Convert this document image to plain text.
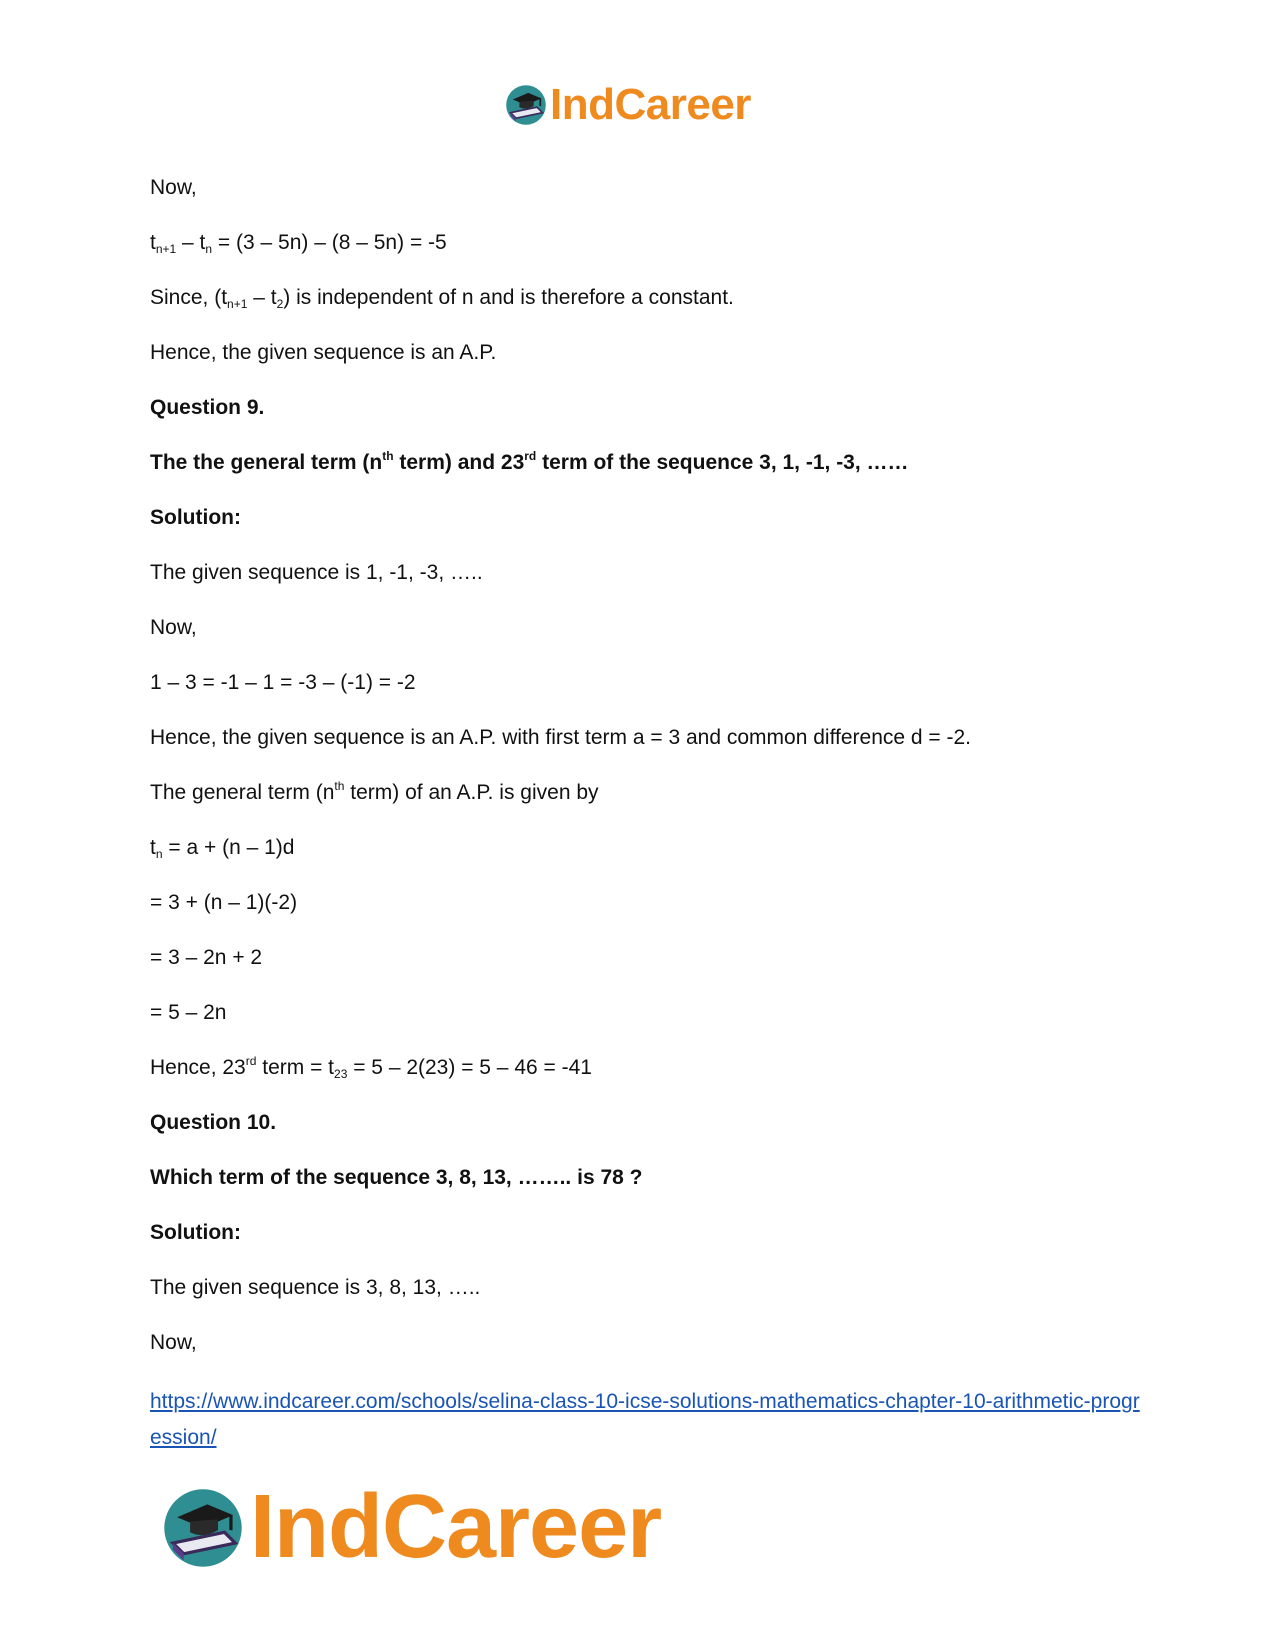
IndCareer
Now,
$t_{n+1} - t_n = (3 - 5n) - (8 - 5n) = -5$
Since, $(t_{n+1} - t_2)$ is independent of n and is therefore a constant.
Hence, the given sequence is an A.P.
Question 9.
The the general term ($n^{th}$ term) and 23rd term of the sequence 3, 1, -1, -3, ……
Solution:
The given sequence is 1, -1, -3, …..
Now,
1 – 3 = -1 – 1 = -3 – (-1) = -2
Hence, the given sequence is an A.P. with first term a = 3 and common difference d = -2.
The general term ($n^{th}$ term) of an A.P. is given by
$t_n = a + (n - 1)d$
= 3 + (n – 1)(-2)
= 3 – 2n + 2
= 5 – 2n
Hence, 23rd term = $t_{23} = 5 - 2(23) = 5 - 46 = -41$
Question 10.
Which term of the sequence 3, 8, 13, …….. is 78 ?
Solution:
The given sequence is 3, 8, 13, …..
Now,
https://www.indcareer.com/schools/selina-class-10-icse-solutions-mathematics-chapter-10-arithmetic-progression/
IndCareer
